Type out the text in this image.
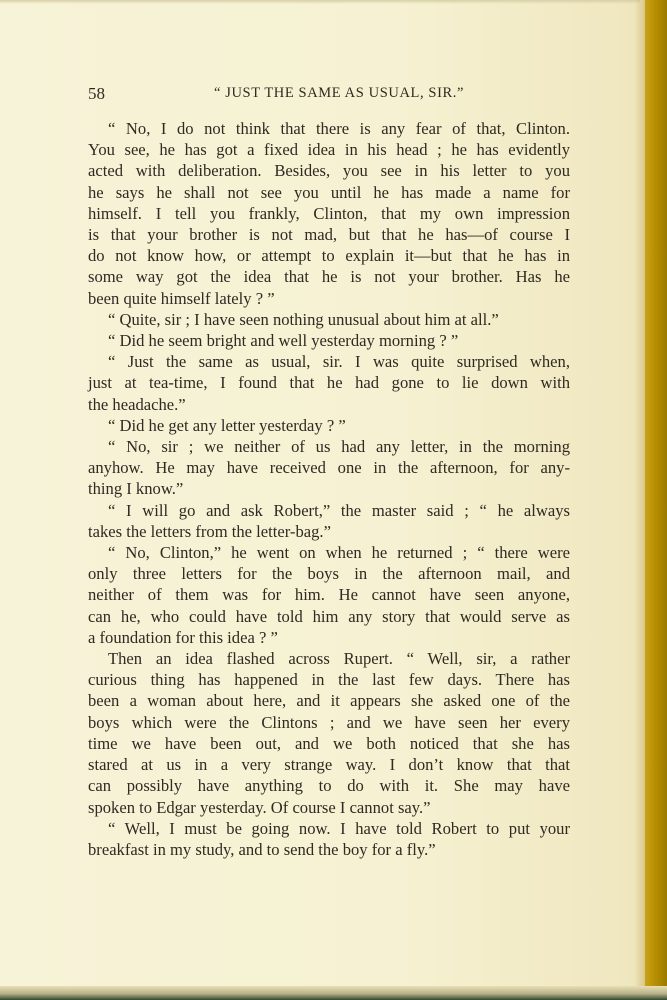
58	“ JUST THE SAME AS USUAL, SIR.”
“ No, I do not think that there is any fear of that, Clinton.
You see, he has got a fixed idea in his head ; he has evidently
acted with deliberation. Besides, you see in his letter to you
he says he shall not see you until he has made a name for
himself. I tell you frankly, Clinton, that my own impression
is that your brother is not mad, but that he has—of course I
do not know how, or attempt to explain it—but that he has in
some way got the idea that he is not your brother. Has he
been quite himself lately ? ”
“ Quite, sir ; I have seen nothing unusual about him at all.”
“ Did he seem bright and well yesterday morning ? ”
“ Just the same as usual, sir. I was quite surprised when,
just at tea-time, I found that he had gone to lie down with
the headache.”
“ Did he get any letter yesterday ? ”
“ No, sir ; we neither of us had any letter, in the morning
anyhow. He may have received one in the afternoon, for any-
thing I know.”
“ I will go and ask Robert,” the master said ; “ he always
takes the letters from the letter-bag.”
“ No, Clinton,” he went on when he returned ; “ there were
only three letters for the boys in the afternoon mail, and
neither of them was for him. He cannot have seen anyone,
can he, who could have told him any story that would serve as
a foundation for this idea ? ”
Then an idea flashed across Rupert. “ Well, sir, a rather
curious thing has happened in the last few days. There has
been a woman about here, and it appears she asked one of the
boys which were the Clintons ; and we have seen her every
time we have been out, and we both noticed that she has
stared at us in a very strange way. I don’t know that that
can possibly have anything to do with it. She may have
spoken to Edgar yesterday. Of course I cannot say.”
“ Well, I must be going now. I have told Robert to put your
breakfast in my study, and to send the boy for a fly.”
